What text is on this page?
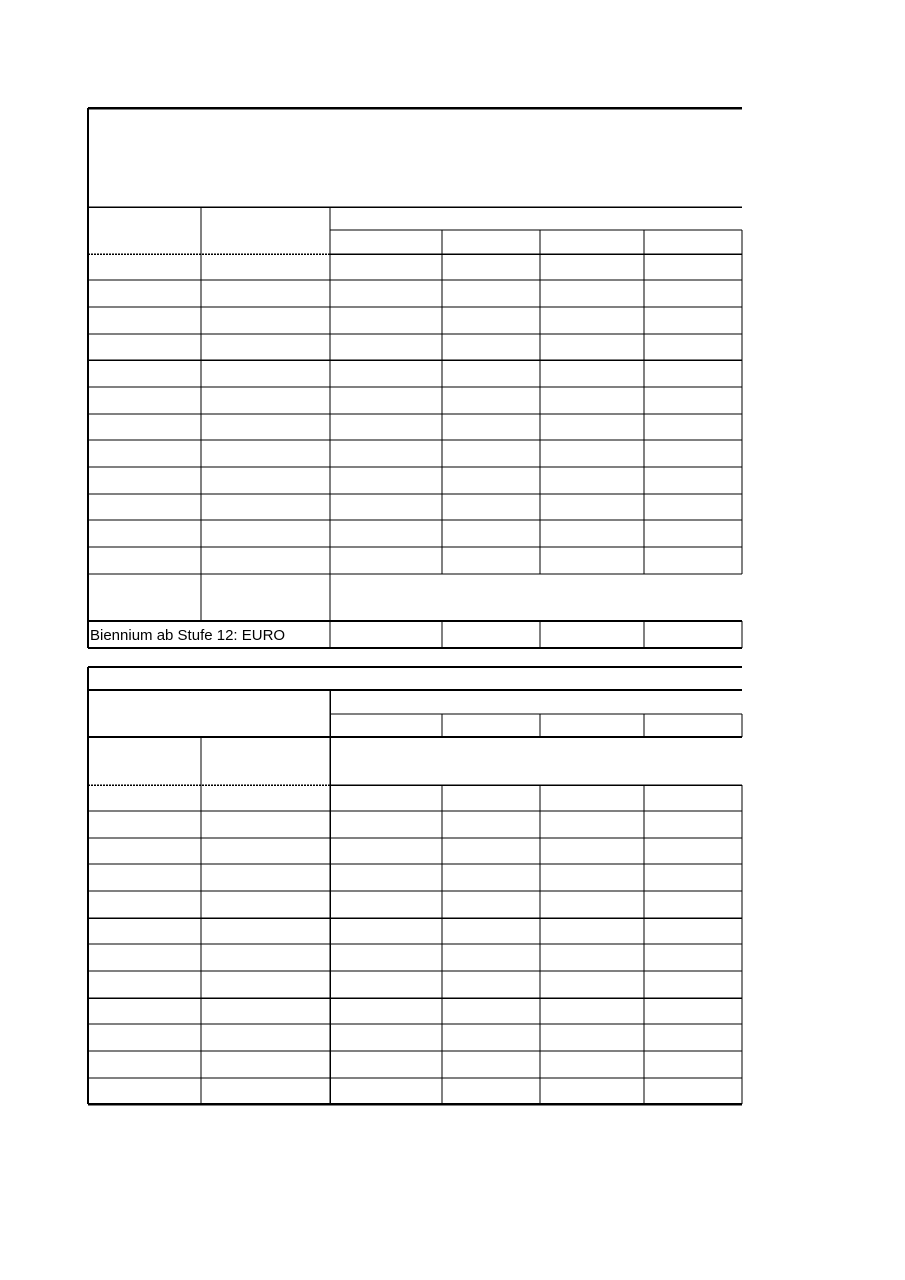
Biennium ab Stufe 12: EURO
